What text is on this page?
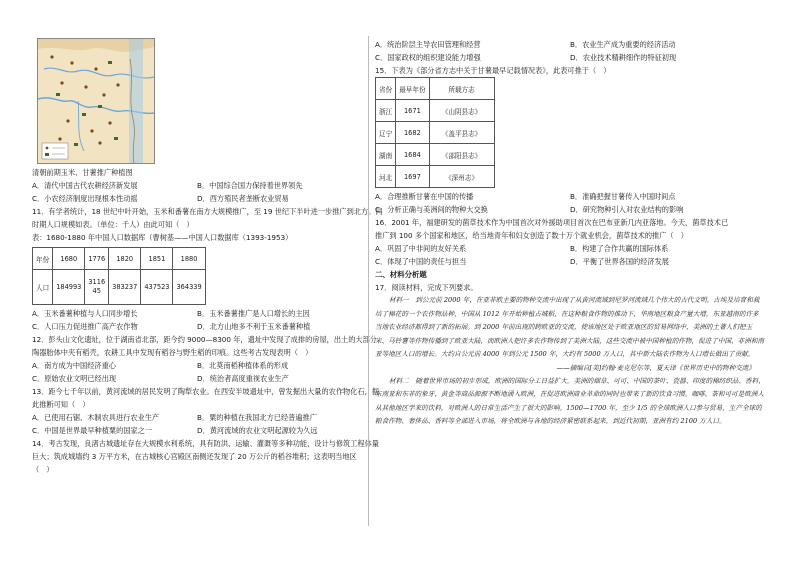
清朝前期玉米、甘薯推广种植图
A．清代中国古代农耕经济新发展	B．中国综合国力保持着世界领先
C．小农经济制度出现根本性动摇	D．西方殖民者垄断农业贸易
11．有学者统计，18 世纪中叶开始，玉米和番薯在南方大规模推广，至 19 世纪下半叶进一步推广到北方。同
时期人口规模如表。（单位：千人）由此可知（　）
表：1680-1880 年中国人口数据库（曹树基——中国人口数据库（1393-1953）
年份	1680	1776	1820	1851	1880
人口	184993	311645	383237	437523	364339
A．玉米番薯种植与人口同步增长	B．玉米番薯推广是人口增长的主因
C．人口压力促进推广高产农作物	D．北方山地多不利于玉米番薯种植
12．彭头山文化遗址，位于湖南省北部，距今约 9000—8300 年，遗址中发现了成排的房屋，出土的大部分
陶器胎体中夹有稻壳，农耕工具中发现有稻谷与野生稻的印痕。这些考古发现表明（　）
A．南方成为中国经济重心	B．北莫南稻种植体系的形成
C．原始农业文明已经出现	D．统治者高度重视农业生产
13．距今七千年以前，黄河流域的居民发明了陶犁农业。在西安半坡遗址中，曾发掘出大量的农作物化石，据
此推断可知（　）
A．已使用石锯、木制农具进行农业生产	B．粟的种植在我国北方已经普遍推广
C．中国是世界最早种植粟的国家之一	D．黄河流域的农业文明起源较为久远
14．考古发现，良渚古城遗址存在大规模水利系统，具有防洪、运输、灌溉等多种功能，设计与修筑工程体量
巨大；筑成城墙约 3 万平方米，在古城核心宫殿区南侧还发现了 20 万公斤的稻谷堆积；这表明当地区
（　）
A．统治阶层主导农田管理和经营	B．农业生产成为重要的经济活动
C．国家政权的组织建设能力增强	D．农业技术精耕细作的特征初现
15．下表为《部分省方志中关于甘薯最早记载情况表》，此表可推于（　）
省份	最早年份	所载方志
浙江	1671	《山阴县志》
辽宁	1682	《盖平县志》
湖南	1684	《邵阳县志》
河北	1697	《深州志》
A．合理推断甘薯在中国的传播	B．准确把握甘薯传入中国时间点
C．分析正确与美洲间的物种大交换	D．研究物种引入对农业结构的影响
16．2001 年，福建研发的菌草技术作为中国首次对外援助项目首次在巴布亚新几内亚落地。今天，菌草技术已
推广到 100 多个国家和地区，给当地青年和妇女创造了数十万个就业机会，菌草技术的推广（　）
A．巩固了中非间的友好关系	B．构建了合作共赢的国际体系
C．体现了中国的责任与担当	D．平衡了世界各国的经济发展
二、材料分析题
17．阅读材料，完成下列要求。
材料一　到公元前 2000 年，在亚非欧主要的物种交流中出现了从黄河流域到尼罗河流域几个伟大的古代文明。古埃及培育和栽培了棉花的一个农作物品种，中国从 1012 年开始种植占城稻，在这种粮食作物的推动下，华南地区粮食产量大增，东亚越南的许多当地农业经济都得到了新的拓展。到 2000 年前出现的跨欧亚的交流，使该地区处于欧亚地区的贸易网络中，美洲的土著人们把玉米、马铃薯等作物传播到了欧亚大陆，而欧洲人把许多农作物传到了美洲大陆，这些交流中被中国种植的作物，促进了中国、非洲和南亚等地区人口的增长。大约自公元前 4000 年到公元 1500 年，大约有 5000 万人口，其中新大陆农作物为人口增长做出了贡献。
——摘编自[美]约翰·麦克尼尔等，夏天译《世界历史中的物种交流》
材料二　随着世界市场的初步形成，欧洲的国际分工日益扩大。美洲的烟草、可可、中国的茶叶、瓷器、印度的棉纺织品、香料，东南亚和东非的象牙、黄金等商品源源不断地涌入欧洲，在促进欧洲商业革命的同时也带来了新的饮食习惯。咖啡、茶和可可是欧洲人从其他地区学来的饮料，对欧洲人的日常生活产生了很大的影响。1500—1700 年，至少 1/5 的全球欧洲人口参与贸易，生产全球的粮食作物、奢侈品、香料等全部进入市场，将全欧洲与各地的经济紧密联系起来，到近代初期，亚洲有约 2100 万人口。
